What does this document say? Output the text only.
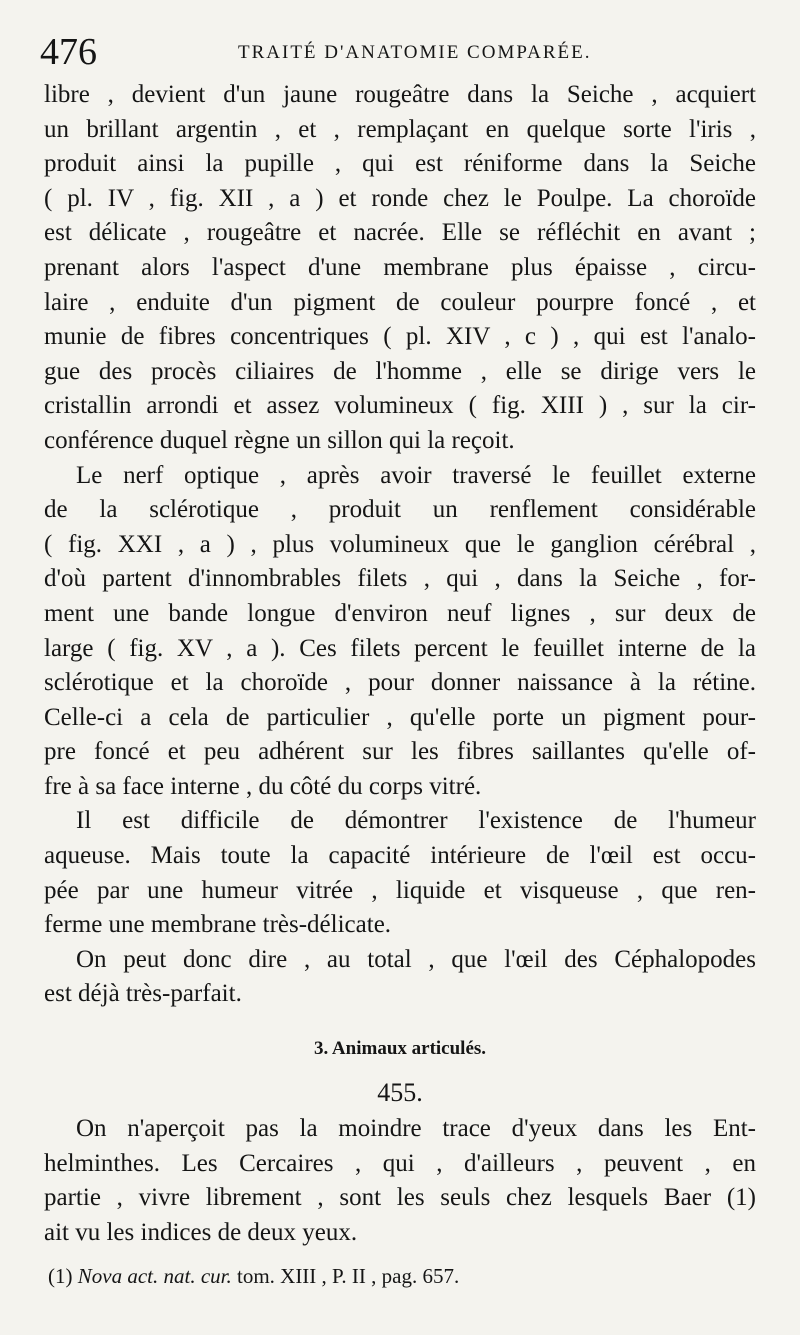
476	TRAITÉ D'ANATOMIE COMPARÉE.
libre , devient d'un jaune rougeâtre dans la Seiche , acquiert
un brillant argentin , et , remplaçant en quelque sorte l'iris ,
produit ainsi la pupille , qui est réniforme dans la Seiche
( pl. IV , fig. XII , a ) et ronde chez le Poulpe. La choroïde
est délicate , rougeâtre et nacrée. Elle se réfléchit en avant ;
prenant alors l'aspect d'une membrane plus épaisse , circu-
laire , enduite d'un pigment de couleur pourpre foncé , et
munie de fibres concentriques ( pl. XIV , c ) , qui est l'analo-
gue des procès ciliaires de l'homme , elle se dirige vers le
cristallin arrondi et assez volumineux ( fig. XIII ) , sur la cir-
conférence duquel règne un sillon qui la reçoit.
Le nerf optique , après avoir traversé le feuillet externe
de la sclérotique , produit un renflement considérable
( fig. XXI , a ) , plus volumineux que le ganglion cérébral ,
d'où partent d'innombrables filets , qui , dans la Seiche , for-
ment une bande longue d'environ neuf lignes , sur deux de
large ( fig. XV , a ). Ces filets percent le feuillet interne de la
sclérotique et la choroïde , pour donner naissance à la rétine.
Celle-ci a cela de particulier , qu'elle porte un pigment pour-
pre foncé et peu adhérent sur les fibres saillantes qu'elle of-
fre à sa face interne , du côté du corps vitré.
Il est difficile de démontrer l'existence de l'humeur
aqueuse. Mais toute la capacité intérieure de l'œil est occu-
pée par une humeur vitrée , liquide et visqueuse , que ren-
ferme une membrane très-délicate.
On peut donc dire , au total , que l'œil des Céphalopodes
est déjà très-parfait.
3. Animaux articulés.
455.
On n'aperçoit pas la moindre trace d'yeux dans les Ent-
helminthes. Les Cercaires , qui , d'ailleurs , peuvent , en
partie , vivre librement , sont les seuls chez lesquels Baer (1)
ait vu les indices de deux yeux.
(1) Nova act. nat. cur. tom. XIII , P. II , pag. 657.
